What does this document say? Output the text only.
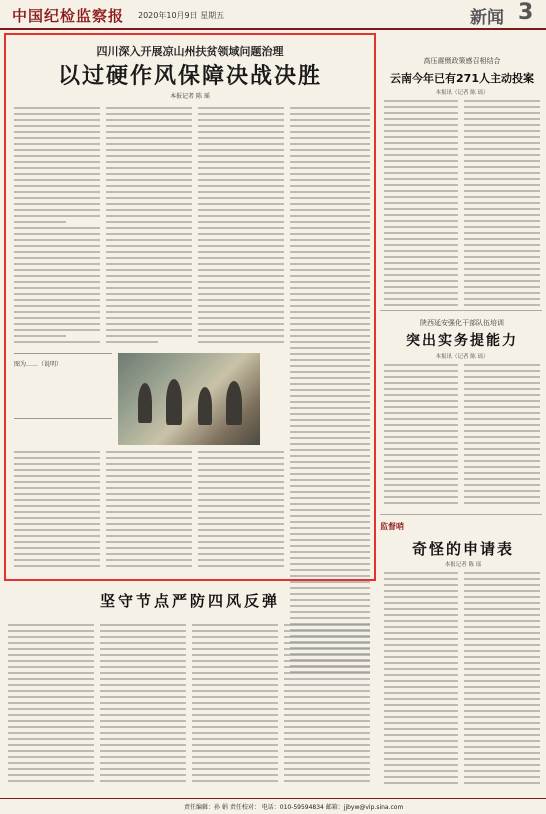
中国纪检监察报 2020年10月9日 星期五	新闻 3
四川深入开展凉山州扶贫领域问题治理
以过硬作风保障决战决胜
本报记者 陈 瑶
图为……（说明）
高压震慑政策感召相结合
云南今年已有271人主动投案
本报讯（记者 陈 瑶）
陕西延安强化干部队伍培训
突出实务提能力
本报讯（记者 陈 瑶）
监督哨
奇怪的申请表
本报记者 陈 瑶
坚守节点严防四风反弹
责任编辑：孙 娟 责任校对： 电话：010-59594834 邮箱：jjbyw@vip.sina.com
